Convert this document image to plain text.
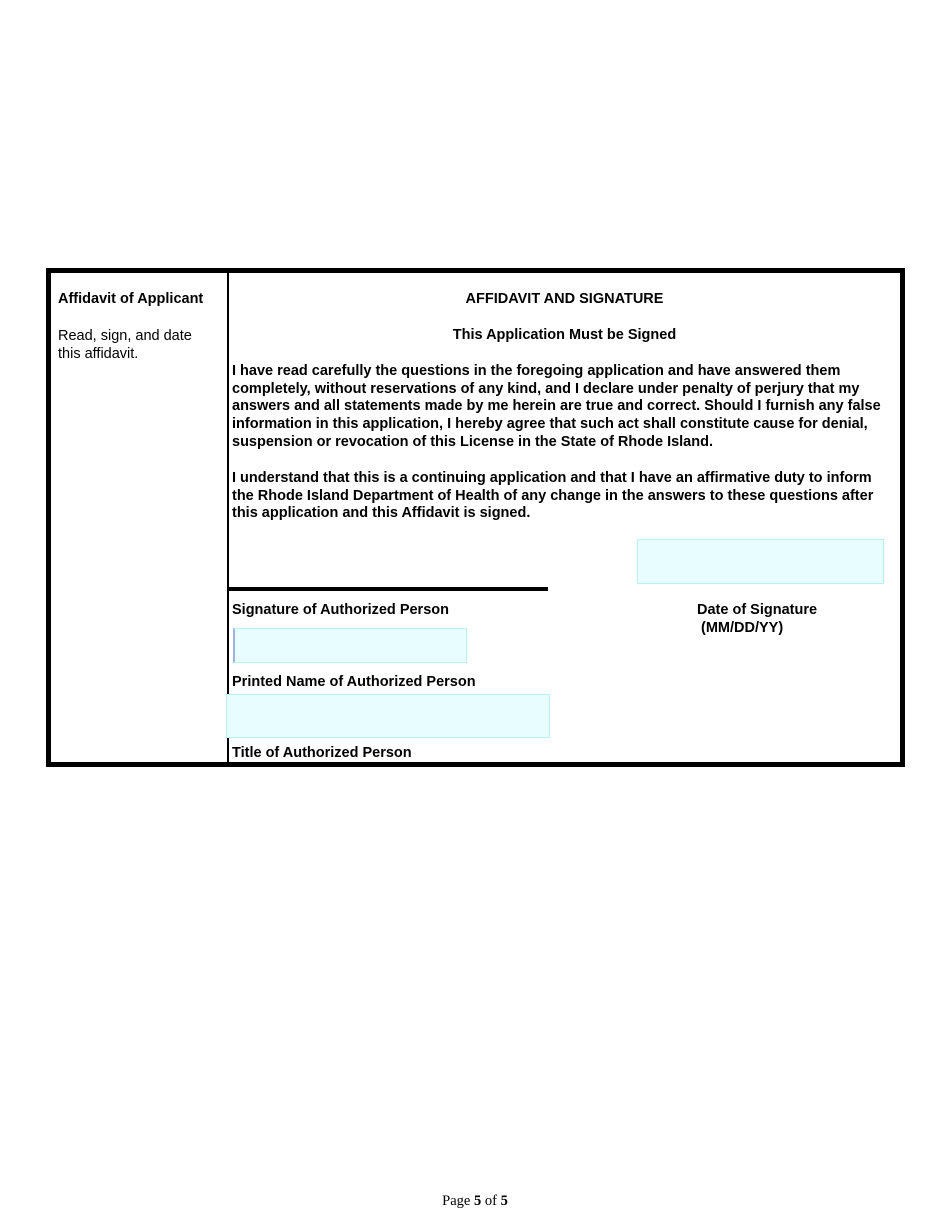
Affidavit of Applicant
Read, sign, and date this affidavit.
AFFIDAVIT AND SIGNATURE
This Application Must be Signed

I have read carefully the questions in the foregoing application and have answered them completely, without reservations of any kind, and I declare under penalty of perjury that my answers and all statements made by me herein are true and correct. Should I furnish any false information in this application, I hereby agree that such act shall constitute cause for denial, suspension or revocation of this License in the State of Rhode Island.

I understand that this is a continuing application and that I have an affirmative duty to inform the Rhode Island Department of Health of any change in the answers to these questions after this application and this Affidavit is signed.

Signature of Authorized Person	Date of Signature
(MM/DD/YY)
Printed Name of Authorized Person
Title of Authorized Person
Page 5 of 5
